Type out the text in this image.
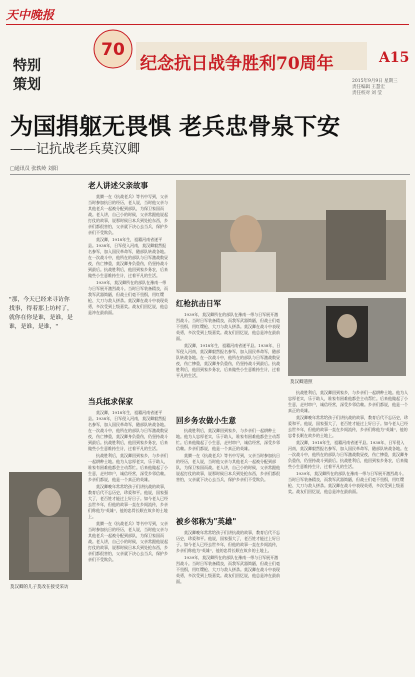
天中晚报
特别
策划
70
纪念抗日战争胜利70周年	A15
2015年9月9日 星期三
责任编辑 王慧宏
责任校对 刘 莹
为国捐躯无畏惧 老兵忠骨泉下安
——记抗战老兵莫汉卿
□通讯员 张轶岭 刘阳
"那，今天已经来寻访你找事，得着那上坊村了，就你在你是谁，是谁，是谁，是谁，是谁，"
莫汉卿的儿子莫改在接受采访
老人讲述父亲故事

莫腾一在《抗战老兵》等书中写到，父亲当时参加抗日的经历，老人说，当时他父亲与其他老兵一起被分配到部队，为保卫家国而战。老人讲，自己小的时候，父亲常跟他说起打仗的故事，说那时候日本兵到处抢东西，乡亲们都很害怕，父亲就下决心去当兵，保护乡亲们不受欺负。

莫汉卿，1918年生，祖籍河南省遂平县。1938年，日军侵入河南，莫汉卿毅然报名参军，加入国民革命军，随部队转战各地。在一次战斗中，他所在的部队与日军激战数昼夜，伤亡惨重，莫汉卿身负重伤，仍坚持战斗到最后。抗战胜利后，他回到家乡务农，后来做些小生意维持生计，过着平凡的生活。

1939年，莫汉卿所在的部队在豫南一带与日军展开激烈战斗。当时日军装备精良，而我军武器简陋，但战士们毫不畏惧，用红缨枪、大刀与敌人拼杀。莫汉卿在战斗中表现英勇，多次受到上级嘉奖。战友们回忆说，他总是冲在最前面。

当兵抵求保家

莫汉卿，1918年生，祖籍河南省遂平县。1938年，日军侵入河南，莫汉卿毅然报名参军，加入国民革命军，随部队转战各地。在一次战斗中，他所在的部队与日军激战数昼夜，伤亡惨重，莫汉卿身负重伤，仍坚持战斗到最后。抗战胜利后，他回到家乡务农，后来做些小生意维持生计，过着平凡的生活。

抗战胜利后，莫汉卿回到家乡，与乡亲们一起耕种土地。他为人忠厚老实，乐于助人，谁家有困难他都会主动帮忙。后来他做起了小生意，走村串户，诚信经营，深受乡邻信赖。乡亲们都说，他是一个真正的英雄。

莫汉卿晚年常常给孩子们讲抗战的故事，教育后代不忘历史，珍爱和平。他说，国家强大了，老百姓才能过上好日子。如今老人已经去世多年，但他的故事一直在乡间流传，乡亲们称他为"英雄"，他的忠骨长眠在故乡的土地上。

莫腾一在《抗战老兵》等书中写到，父亲当时参加抗日的经历，老人说，当时他父亲与其他老兵一起被分配到部队，为保卫家国而战。老人讲，自己小的时候，父亲常跟他说起打仗的故事，说那时候日本兵到处抢东西，乡亲们都很害怕，父亲就下决心去当兵，保护乡亲们不受欺负。

红枪抗击日军

1939年，莫汉卿所在的部队在豫南一带与日军展开激烈战斗。当时日军装备精良，而我军武器简陋，但战士们毫不畏惧，用红缨枪、大刀与敌人拼杀。莫汉卿在战斗中表现英勇，多次受到上级嘉奖。战友们回忆说，他总是冲在最前面。

莫汉卿，1918年生，祖籍河南省遂平县。1938年，日军侵入河南，莫汉卿毅然报名参军，加入国民革命军，随部队转战各地。在一次战斗中，他所在的部队与日军激战数昼夜，伤亡惨重，莫汉卿身负重伤，仍坚持战斗到最后。抗战胜利后，他回到家乡务农，后来做些小生意维持生计，过着平凡的生活。

回乡务农做小生意

抗战胜利后，莫汉卿回到家乡，与乡亲们一起耕种土地。他为人忠厚老实，乐于助人，谁家有困难他都会主动帮忙。后来他做起了小生意，走村串户，诚信经营，深受乡邻信赖。乡亲们都说，他是一个真正的英雄。

莫腾一在《抗战老兵》等书中写到，父亲当时参加抗日的经历，老人说，当时他父亲与其他老兵一起被分配到部队，为保卫家国而战。老人讲，自己小的时候，父亲常跟他说起打仗的故事，说那时候日本兵到处抢东西，乡亲们都很害怕，父亲就下决心去当兵，保护乡亲们不受欺负。

被乡邻称为"英雄"

莫汉卿晚年常常给孩子们讲抗战的故事，教育后代不忘历史，珍爱和平。他说，国家强大了，老百姓才能过上好日子。如今老人已经去世多年，但他的故事一直在乡间流传，乡亲们称他为"英雄"，他的忠骨长眠在故乡的土地上。

1939年，莫汉卿所在的部队在豫南一带与日军展开激烈战斗。当时日军装备精良，而我军武器简陋，但战士们毫不畏惧，用红缨枪、大刀与敌人拼杀。莫汉卿在战斗中表现英勇，多次受到上级嘉奖。战友们回忆说，他总是冲在最前面。

莫汉卿遗照

抗战胜利后，莫汉卿回到家乡，与乡亲们一起耕种土地。他为人忠厚老实，乐于助人，谁家有困难他都会主动帮忙。后来他做起了小生意，走村串户，诚信经营，深受乡邻信赖。乡亲们都说，他是一个真正的英雄。

莫汉卿晚年常常给孩子们讲抗战的故事，教育后代不忘历史，珍爱和平。他说，国家强大了，老百姓才能过上好日子。如今老人已经去世多年，但他的故事一直在乡间流传，乡亲们称他为"英雄"，他的忠骨长眠在故乡的土地上。

莫汉卿，1918年生，祖籍河南省遂平县。1938年，日军侵入河南，莫汉卿毅然报名参军，加入国民革命军，随部队转战各地。在一次战斗中，他所在的部队与日军激战数昼夜，伤亡惨重，莫汉卿身负重伤，仍坚持战斗到最后。抗战胜利后，他回到家乡务农，后来做些小生意维持生计，过着平凡的生活。

1939年，莫汉卿所在的部队在豫南一带与日军展开激烈战斗。当时日军装备精良，而我军武器简陋，但战士们毫不畏惧，用红缨枪、大刀与敌人拼杀。莫汉卿在战斗中表现英勇，多次受到上级嘉奖。战友们回忆说，他总是冲在最前面。
